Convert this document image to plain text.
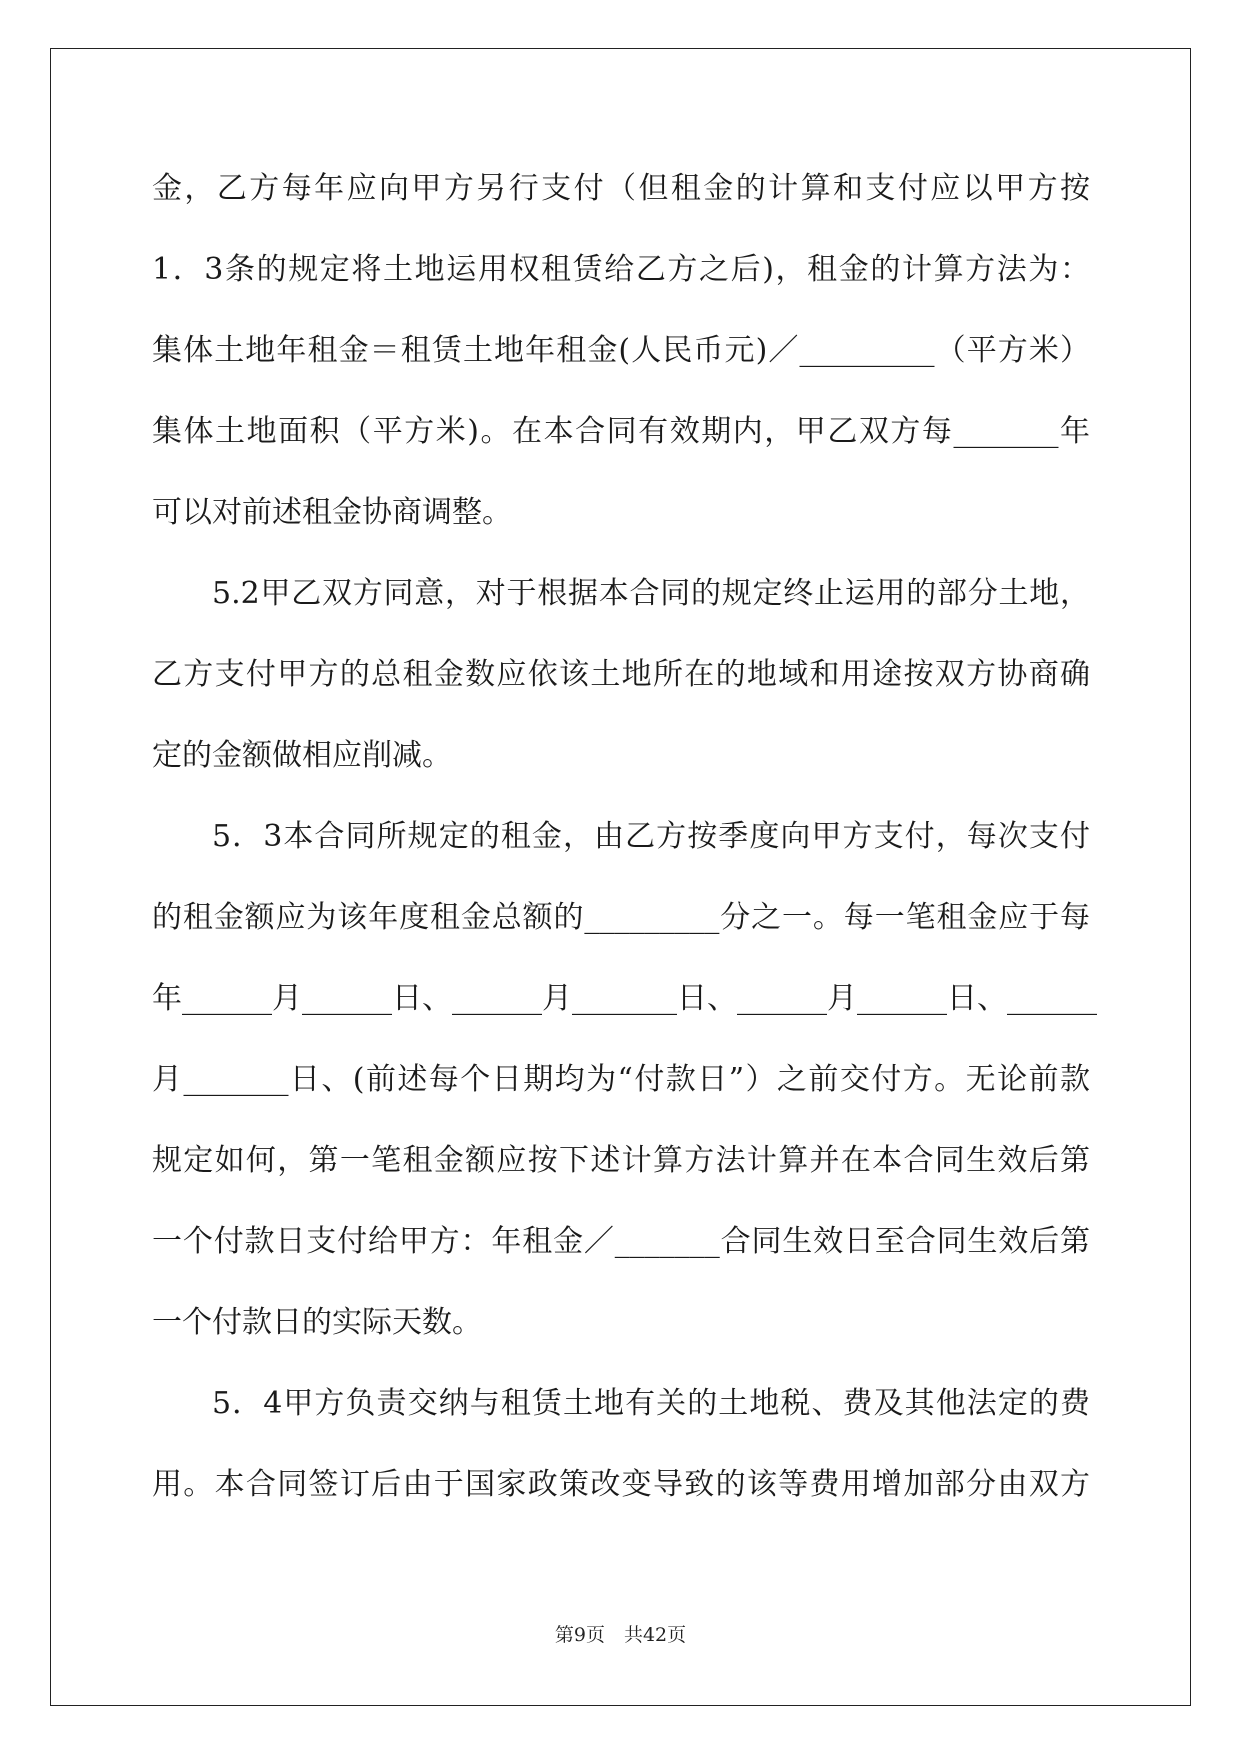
金，乙方每年应向甲方另行支付（但租金的计算和支付应以甲方按
1．3条的规定将土地运用权租赁给乙方之后)，租金的计算方法为：
集体土地年租金＝租赁土地年租金(人民币元)／_________（平方米）
集体土地面积（平方米)。在本合同有效期内，甲乙双方每_______年
可以对前述租金协商调整。
5.2甲乙双方同意，对于根据本合同的规定终止运用的部分土地，
乙方支付甲方的总租金数应依该土地所在的地域和用途按双方协商确
定的金额做相应削减。
5．3本合同所规定的租金，由乙方按季度向甲方支付，每次支付
的租金额应为该年度租金总额的_________分之一。每一笔租金应于每
年______月______日、______月_______日、______月______日、______
月_______日、(前述每个日期均为“付款日”）之前交付方。无论前款
规定如何，第一笔租金额应按下述计算方法计算并在本合同生效后第
一个付款日支付给甲方：年租金／_______合同生效日至合同生效后第
一个付款日的实际天数。
5．4甲方负责交纳与租赁土地有关的土地税、费及其他法定的费
用。本合同签订后由于国家政策改变导致的该等费用增加部分由双方
第9页　共42页
